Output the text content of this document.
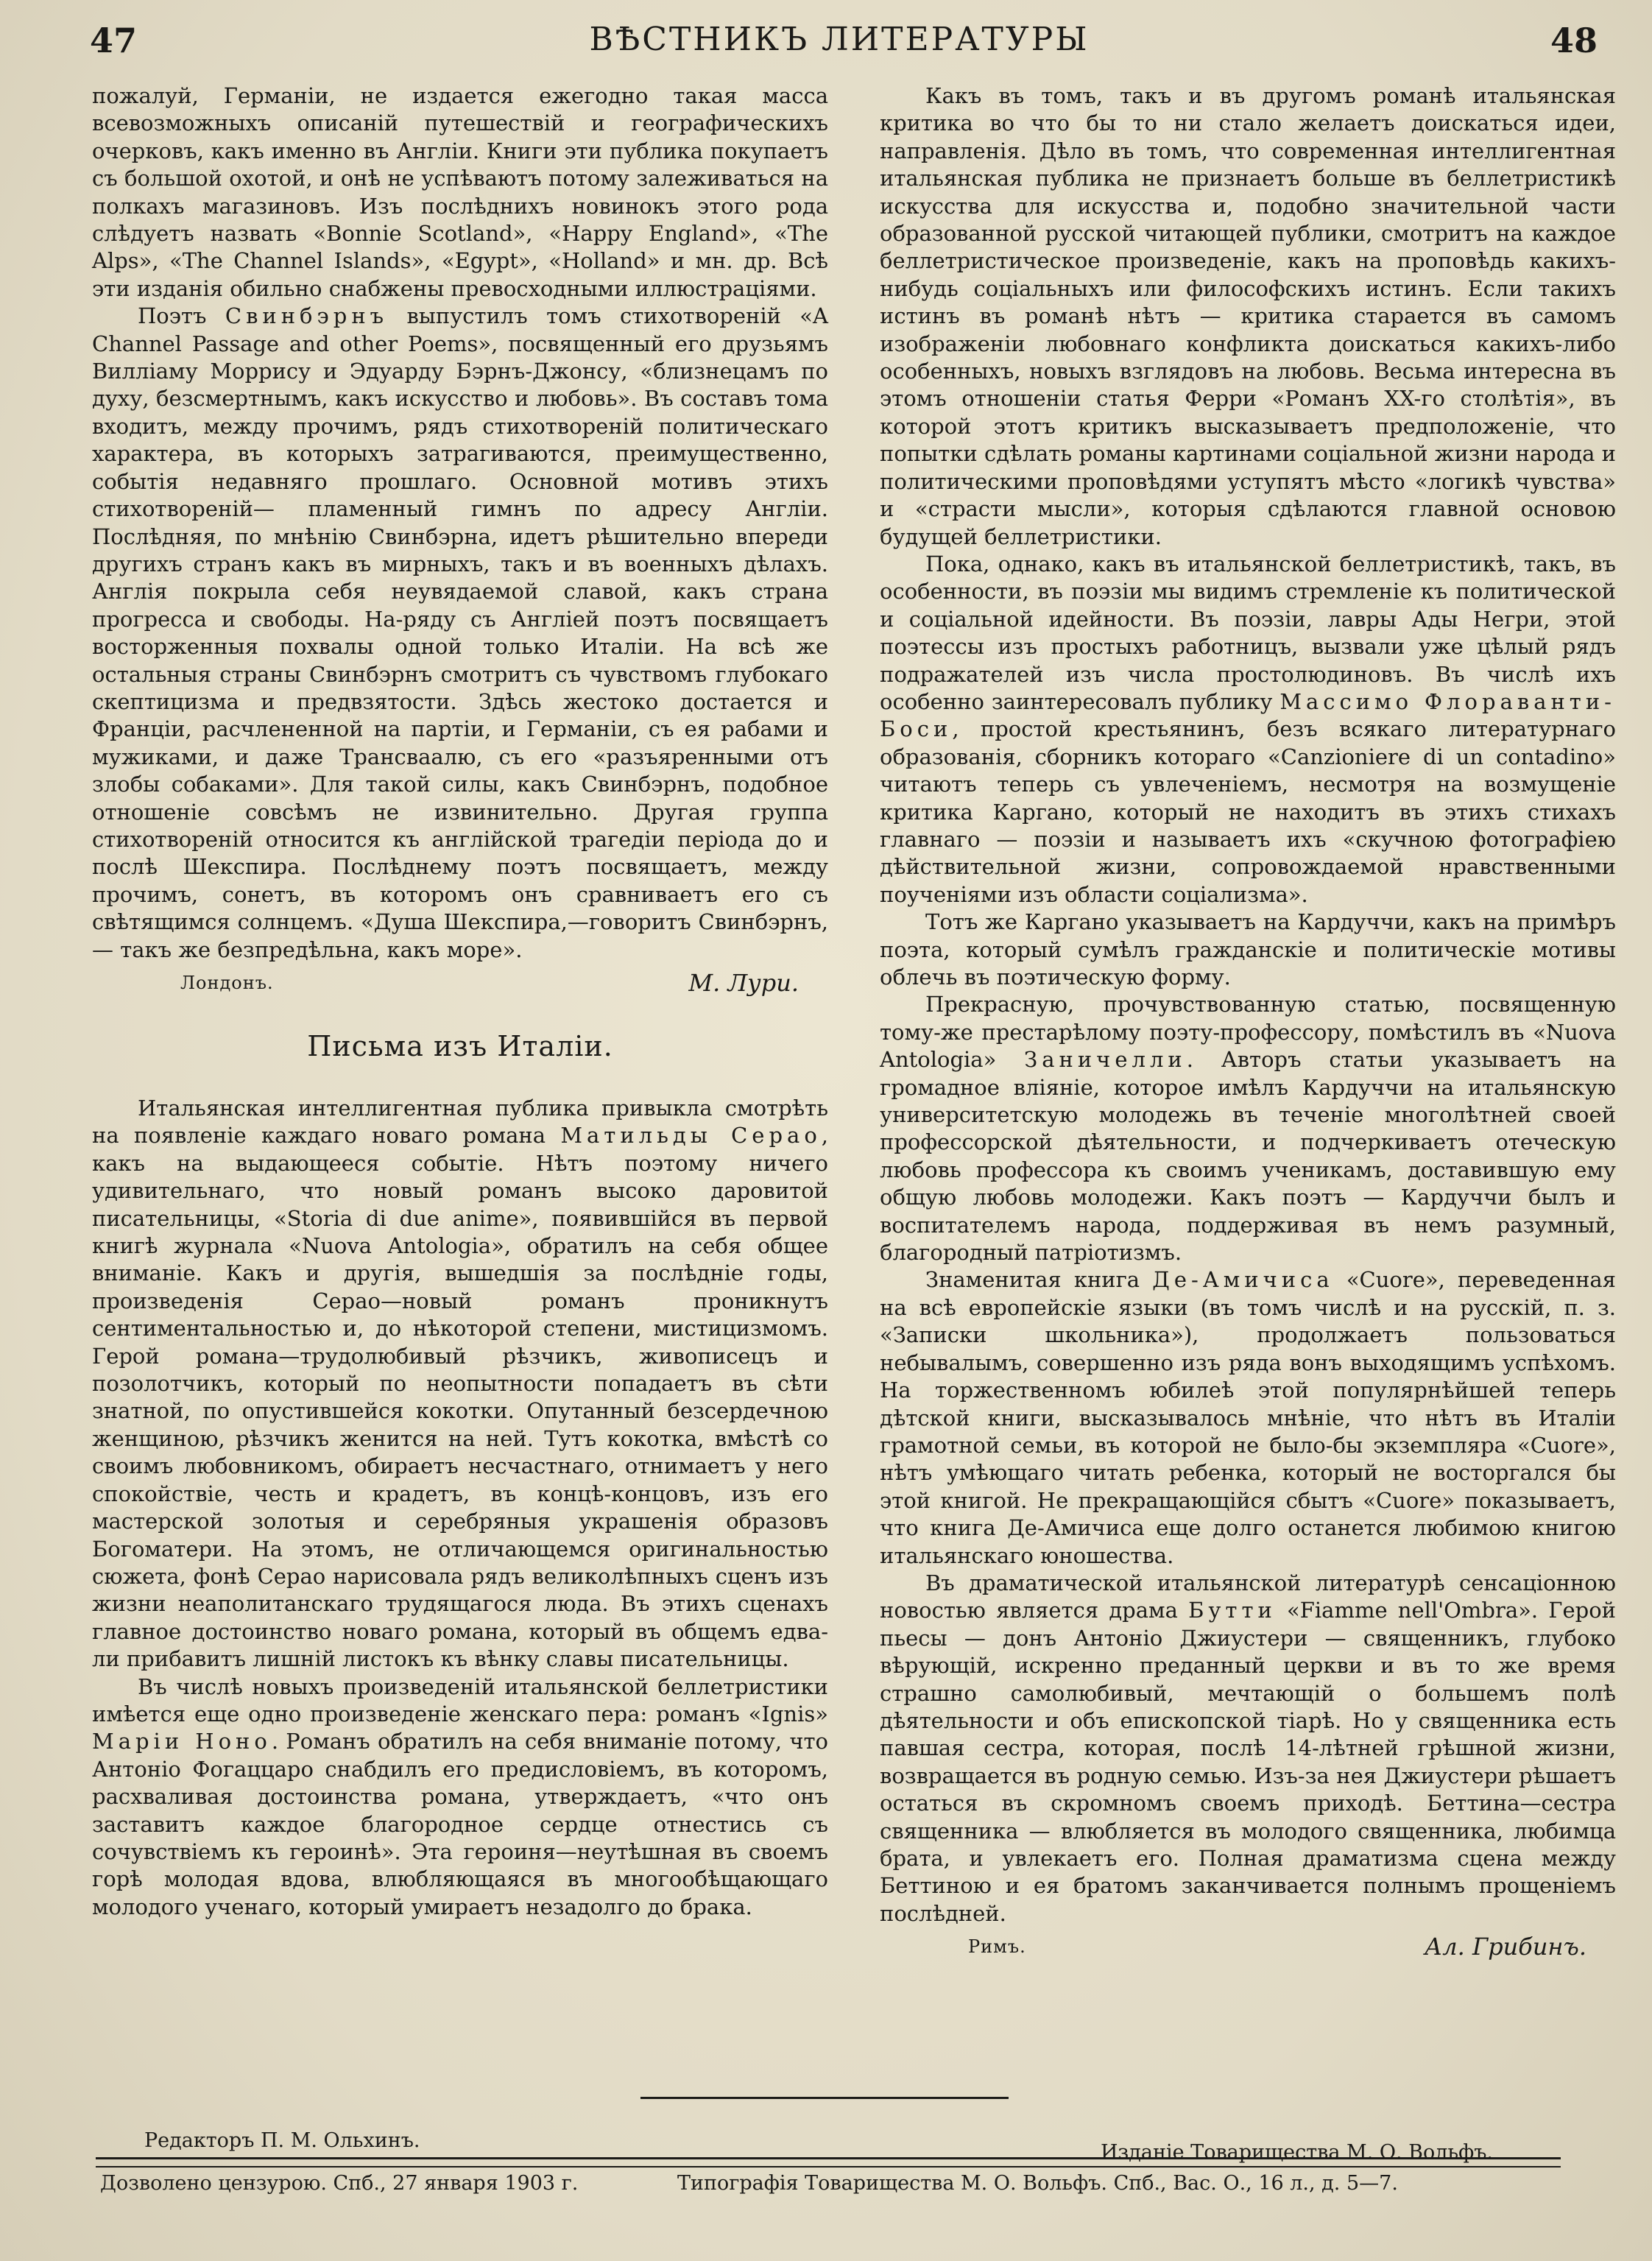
47	ВѢСТНИКЪ ЛИТЕРАТУРЫ	48

пожалуй, Германіи, не издается ежегодно такая масса всевозможныхъ описаній путешествій и географическихъ очерковъ, какъ именно въ Англіи. Книги эти публика покупаетъ съ большой охотой, и онѣ не успѣваютъ потому залеживаться на полкахъ магазиновъ. Изъ послѣднихъ новинокъ этого рода слѣдуетъ назвать «Bonnie Scotland», «Happy England», «The Alps», «The Channel Islands», «Egypt», «Holland» и мн. др. Всѣ эти изданія обильно снабжены превосходными иллюстраціями.

Поэтъ Свинбэрнъ выпустилъ томъ стихотвореній «A Channel Passage and other Poems», посвященный его друзьямъ Вилліаму Моррису и Эдуарду Бэрнъ-Джонсу, «близнецамъ по духу, безсмертнымъ, какъ искусство и любовь». Въ составъ тома входитъ, между прочимъ, рядъ стихотвореній политическаго характера, въ которыхъ затрагиваются, преимущественно, событія недавняго прошлаго. Основной мотивъ этихъ стихотвореній— пламенный гимнъ по адресу Англіи. Послѣдняя, по мнѣнію Свинбэрна, идетъ рѣшительно впереди другихъ странъ какъ въ мирныхъ, такъ и въ военныхъ дѣлахъ. Англія покрыла себя неувядаемой славой, какъ страна прогресса и свободы. На-ряду съ Англіей поэтъ посвящаетъ восторженныя похвалы одной только Италіи. На всѣ же остальныя страны Свинбэрнъ смотритъ съ чувствомъ глубокаго скептицизма и предвзятости. Здѣсь жестоко достается и Франціи, расчлененной на партіи, и Германіи, съ ея рабами и мужиками, и даже Трансваалю, съ его «разъяренными отъ злобы собаками». Для такой силы, какъ Свинбэрнъ, подобное отношеніе совсѣмъ не извинительно. Другая группа стихотвореній относится къ англійской трагедіи періода до и послѣ Шекспира. Послѣднему поэтъ посвящаетъ, между прочимъ, сонетъ, въ которомъ онъ сравниваетъ его съ свѣтящимся солнцемъ. «Душа Шекспира,—говоритъ Свинбэрнъ, — такъ же безпредѣльна, какъ море».

Лондонъ.	М. Лури.
Письма изъ Италіи.

Итальянская интеллигентная публика привыкла смотрѣть на появленіе каждаго новаго романа Матильды Серао, какъ на выдающееся событіе. Нѣтъ поэтому ничего удивительнаго, что новый романъ высоко даровитой писательницы, «Storia di due anime», появившійся въ первой книгѣ журнала «Nuova Antologia», обратилъ на себя общее вниманіе. Какъ и другія, вышедшія за послѣдніе годы, произведенія Серао—новый романъ проникнутъ сентиментальностью и, до нѣкоторой степени, мистицизмомъ. Герой романа—трудолюбивый рѣзчикъ, живописецъ и позолотчикъ, который по неопытности попадаетъ въ сѣти знатной, по опустившейся кокотки. Опутанный безсердечною женщиною, рѣзчикъ женится на ней. Тутъ кокотка, вмѣстѣ со своимъ любовникомъ, обираетъ несчастнаго, отнимаетъ у него спокойствіе, честь и крадетъ, въ концѣ-концовъ, изъ его мастерской золотыя и серебряныя украшенія образовъ Богоматери. На этомъ, не отличающемся оригинальностью сюжета, фонѣ Серао нарисовала рядъ великолѣпныхъ сценъ изъ жизни неаполитанскаго трудящагося люда. Въ этихъ сценахъ главное достоинство новаго романа, который въ общемъ едва-ли прибавитъ лишній листокъ къ вѣнку славы писательницы.

Въ числѣ новыхъ произведеній итальянской беллетристики имѣется еще одно произведеніе женскаго пера: романъ «Ignis» Маріи Ноно. Романъ обратилъ на себя вниманіе потому, что Антоніо Фогаццаро снабдилъ его предисловіемъ, въ которомъ, расхваливая достоинства романа, утверждаетъ, «что онъ заставитъ каждое благородное сердце отнестись съ сочувствіемъ къ героинѣ». Эта героиня—неутѣшная въ своемъ горѣ молодая вдова, влюбляющаяся въ многообѣщающаго молодого ученаго, который умираетъ незадолго до брака.

Какъ въ томъ, такъ и въ другомъ романѣ итальянская критика во что бы то ни стало желаетъ доискаться идеи, направленія. Дѣло въ томъ, что современная интеллигентная итальянская публика не признаетъ больше въ беллетристикѣ искусства для искусства и, подобно значительной части образованной русской читающей публики, смотритъ на каждое беллетристическое произведеніе, какъ на проповѣдь какихъ-нибудь соціальныхъ или философскихъ истинъ. Если такихъ истинъ въ романѣ нѣтъ — критика старается въ самомъ изображеніи любовнаго конфликта доискаться какихъ-либо особенныхъ, новыхъ взглядовъ на любовь. Весьма интересна въ этомъ отношеніи статья Ферри «Романъ XX-го столѣтія», въ которой этотъ критикъ высказываетъ предположеніе, что попытки сдѣлать романы картинами соціальной жизни народа и политическими проповѣдями уступятъ мѣсто «логикѣ чувства» и «страсти мысли», которыя сдѣлаются главной основою будущей беллетристики.

Пока, однако, какъ въ итальянской беллетристикѣ, такъ, въ особенности, въ поэзіи мы видимъ стремленіе къ политической и соціальной идейности. Въ поэзіи, лавры Ады Негри, этой поэтессы изъ простыхъ работницъ, вызвали уже цѣлый рядъ подражателей изъ числа простолюдиновъ. Въ числѣ ихъ особенно заинтересовалъ публику Массимо Флораванти-Боси, простой крестьянинъ, безъ всякаго литературнаго образованія, сборникъ котораго «Canzioniere di un contadino» читаютъ теперь съ увлеченіемъ, несмотря на возмущеніе критика Каргано, который не находитъ въ этихъ стихахъ главнаго — поэзіи и называетъ ихъ «скучною фотографіею дѣйствительной жизни, сопровождаемой нравственными поученіями изъ области соціализма».

Тотъ же Каргано указываетъ на Кардуччи, какъ на примѣръ поэта, который сумѣлъ гражданскіе и политическіе мотивы облечь въ поэтическую форму.

Прекрасную, прочувствованную статью, посвященную тому-же престарѣлому поэту-профессору, помѣстилъ въ «Nuova Antologia» Заничелли. Авторъ статьи указываетъ на громадное вліяніе, которое имѣлъ Кардуччи на итальянскую университетскую молодежь въ теченіе многолѣтней своей профессорской дѣятельности, и подчеркиваетъ отеческую любовь профессора къ своимъ ученикамъ, доставившую ему общую любовь молодежи. Какъ поэтъ — Кардуччи былъ и воспитателемъ народа, поддерживая въ немъ разумный, благородный патріотизмъ.

Знаменитая книга Де-Амичиса «Cuore», переведенная на всѣ европейскіе языки (въ томъ числѣ и на русскій, п. з. «Записки школьника»), продолжаетъ пользоваться небывалымъ, совершенно изъ ряда вонъ выходящимъ успѣхомъ. На торжественномъ юбилеѣ этой популярнѣйшей теперь дѣтской книги, высказывалось мнѣніе, что нѣтъ въ Италіи грамотной семьи, въ которой не было-бы экземпляра «Cuore», нѣтъ умѣющаго читать ребенка, который не восторгался бы этой книгой. Не прекращающійся сбытъ «Cuore» показываетъ, что книга Де-Амичиса еще долго останется любимою книгою итальянскаго юношества.

Въ драматической итальянской литературѣ сенсаціонною новостью является драма Бутти «Fiamme nell'Ombra». Герой пьесы — донъ Антоніо Джиустери — священникъ, глубоко вѣрующій, искренно преданный церкви и въ то же время страшно самолюбивый, мечтающій о большемъ полѣ дѣятельности и объ епископской тіарѣ. Но у священника есть павшая сестра, которая, послѣ 14-лѣтней грѣшной жизни, возвращается въ родную семью. Изъ-за нея Джиустери рѣшаетъ остаться въ скромномъ своемъ приходѣ. Беттина—сестра священника — влюбляется въ молодого священника, любимца брата, и увлекаетъ его. Полная драматизма сцена между Беттиною и ея братомъ заканчивается полнымъ прощеніемъ послѣдней.

Римъ.	Ал. Грибинъ.
Редакторъ П. М. Ольхинъ.
Изданіе Товарищества М. О. Вольфъ.
Дозволено цензурою. Спб., 27 января 1903 г.	Типографія Товарищества М. О. Вольфъ. Спб., Вас. О., 16 л., д. 5—7.
